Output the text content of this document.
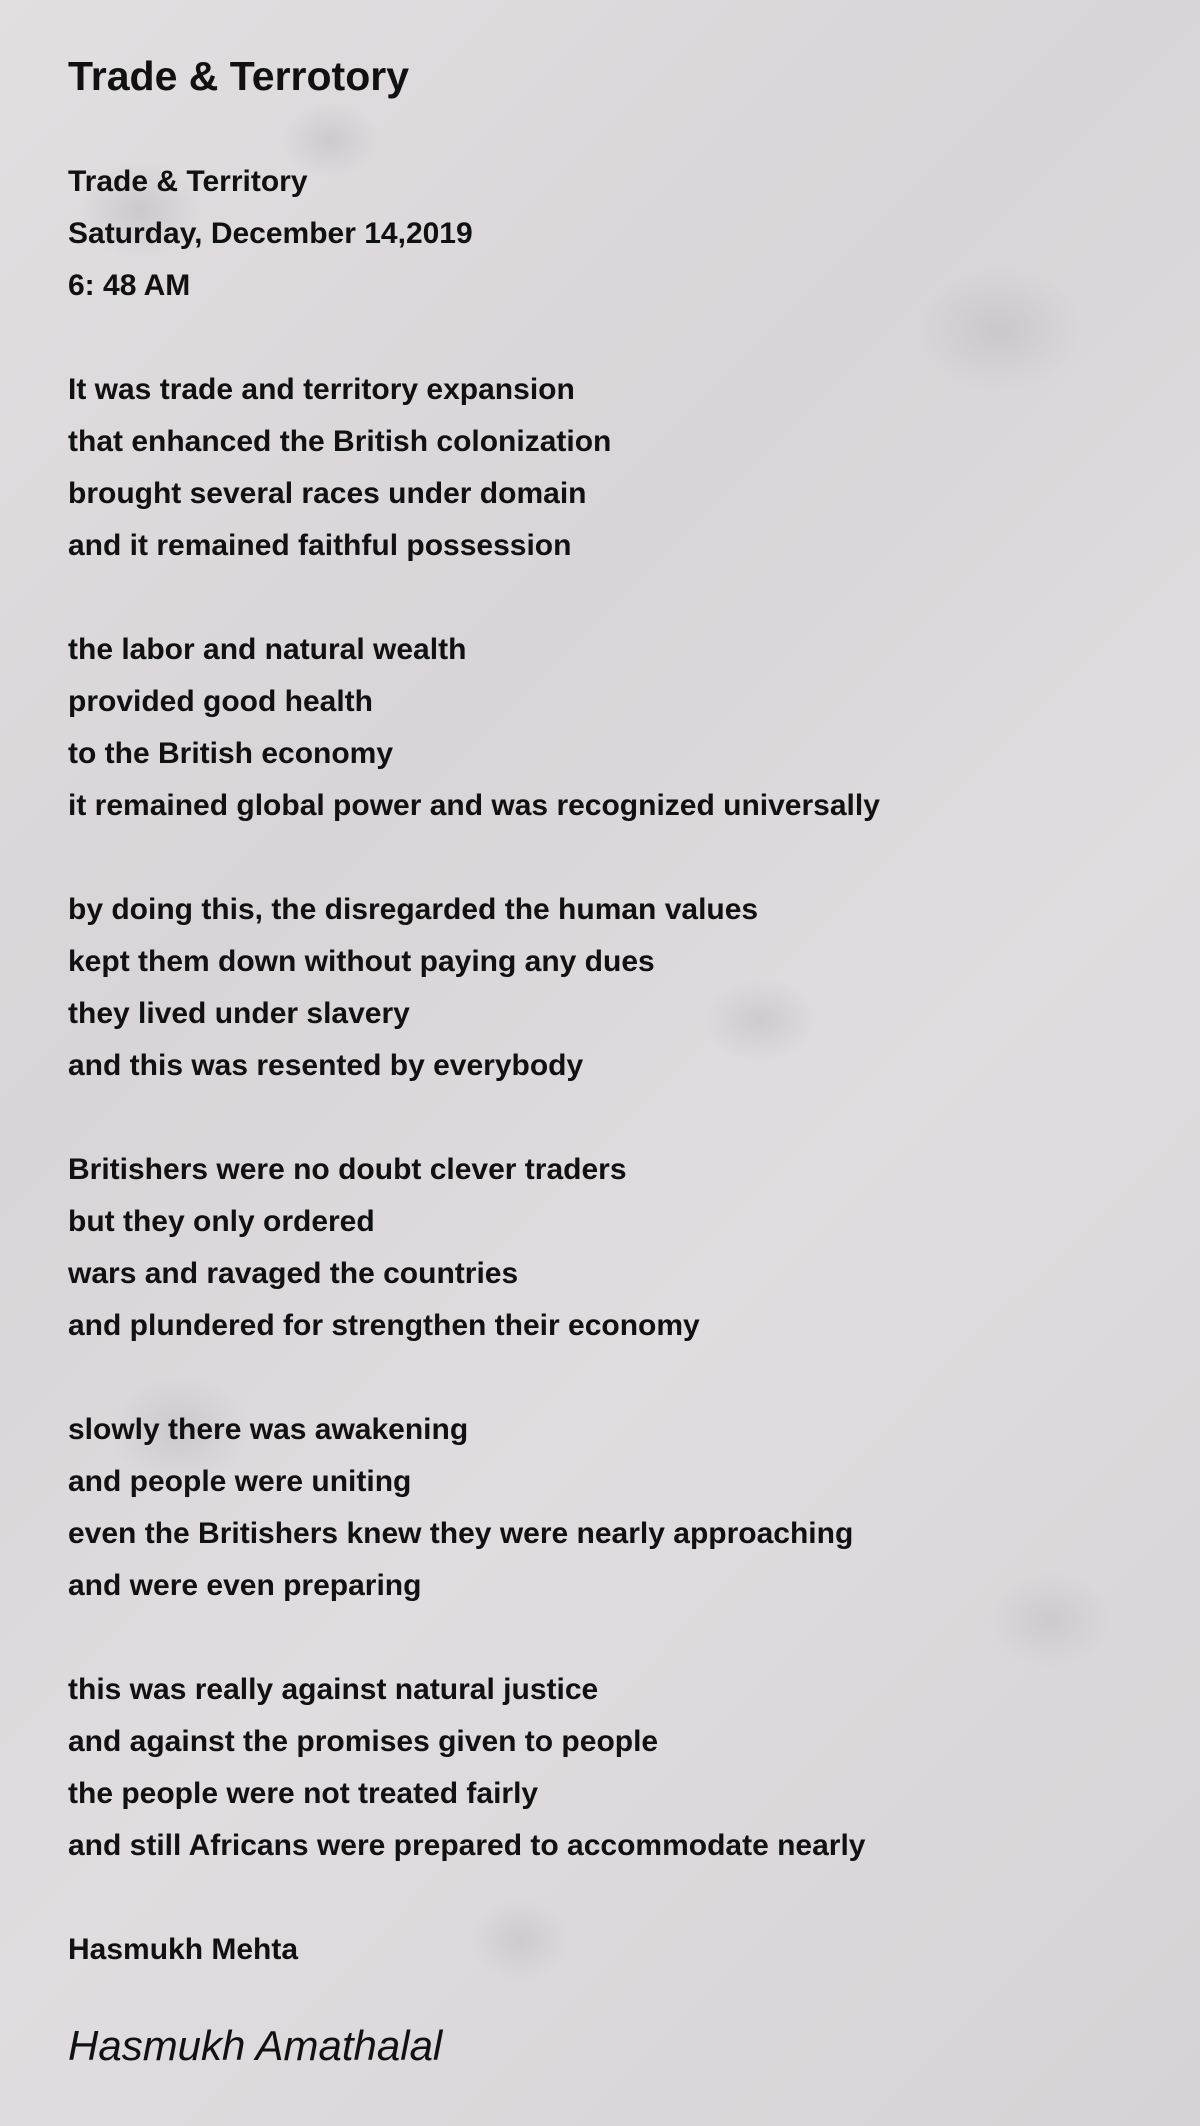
Trade & Terrotory

Trade & Territory

Saturday, December 14,2019

6: 48 AM

It was trade and territory expansion

that enhanced the British colonization

brought several races under domain

and it remained faithful possession

the labor and natural wealth

provided good health

to the British economy

it remained global power and was recognized universally

by doing this, the disregarded the human values

kept them down without paying any dues

they lived under slavery

and this was resented by everybody

Britishers were no doubt clever traders

but they only ordered

wars and ravaged the countries

and plundered for strengthen their economy

slowly there was awakening

and people were uniting

even the Britishers knew they were nearly approaching

and were even preparing

this was really against natural justice

and against the promises given to people

the people were not treated fairly

and still Africans were prepared to accommodate nearly

Hasmukh Mehta

Hasmukh Amathalal
